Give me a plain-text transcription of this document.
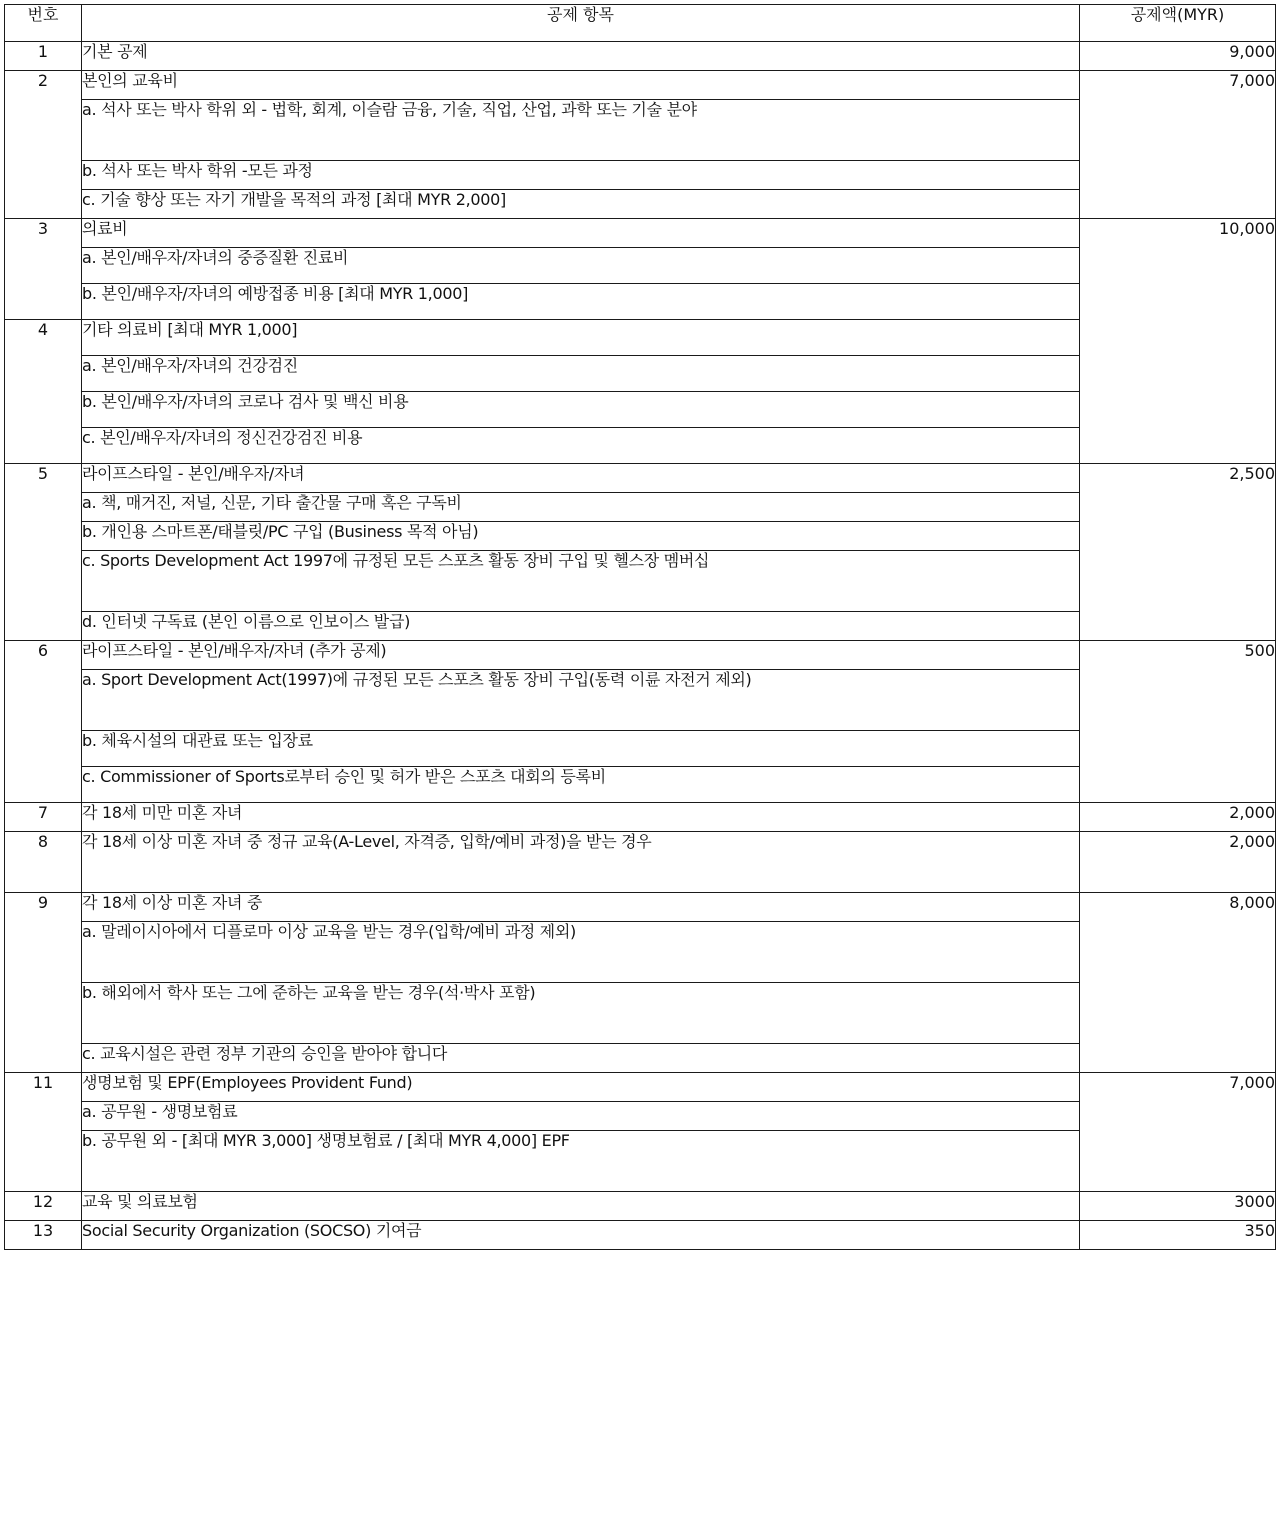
번호	공제 항목	공제액(MYR)
1	기본 공제	9,000
2	본인의 교육비	7,000
	a. 석사 또는 박사 학위 외 - 법학, 회계, 이슬람 금융, 기술, 직업, 산업, 과학 또는 기술 분야	
	b. 석사 또는 박사 학위 -모든 과정	
	c. 기술 향상 또는 자기 개발을 목적의 과정 [최대 MYR 2,000]	
3	의료비	10,000
	a. 본인/배우자/자녀의 중증질환 진료비	
	b. 본인/배우자/자녀의 예방접종 비용 [최대 MYR 1,000]	
4	기타 의료비 [최대 MYR 1,000]	
	a. 본인/배우자/자녀의 건강검진	
	b. 본인/배우자/자녀의 코로나 검사 및 백신 비용	
	c. 본인/배우자/자녀의 정신건강검진 비용	
5	라이프스타일 - 본인/배우자/자녀	2,500
	a. 책, 매거진, 저널, 신문, 기타 출간물 구매 혹은 구독비	
	b. 개인용 스마트폰/태블릿/PC 구입 (Business 목적 아님)	
	c. Sports Development Act 1997에 규정된 모든 스포츠 활동 장비 구입 및 헬스장 멤버십	
	d. 인터넷 구독료 (본인 이름으로 인보이스 발급)	
6	라이프스타일 - 본인/배우자/자녀 (추가 공제)	500
	a. Sport Development Act(1997)에 규정된 모든 스포츠 활동 장비 구입(동력 이륜 자전거 제외)	
	b. 체육시설의 대관료 또는 입장료	
	c. Commissioner of Sports로부터 승인 및 허가 받은 스포츠 대회의 등록비	
7	각 18세 미만 미혼 자녀	2,000
8	각 18세 이상 미혼 자녀 중 정규 교육(A-Level, 자격증, 입학/예비 과정)을 받는 경우	2,000
9	각 18세 이상 미혼 자녀 중	8,000
	a. 말레이시아에서 디플로마 이상 교육을 받는 경우(입학/예비 과정 제외)	
	b. 해외에서 학사 또는 그에 준하는 교육을 받는 경우(석·박사 포함)	
	c. 교육시설은 관련 정부 기관의 승인을 받아야 합니다	
11	생명보험 및 EPF(Employees Provident Fund)	7,000
	a. 공무원 - 생명보험료	
	b. 공무원 외 - [최대 MYR 3,000] 생명보험료 / [최대 MYR 4,000] EPF	
12	교육 및 의료보험	3000
13	Social Security Organization (SOCSO) 기여금	350
